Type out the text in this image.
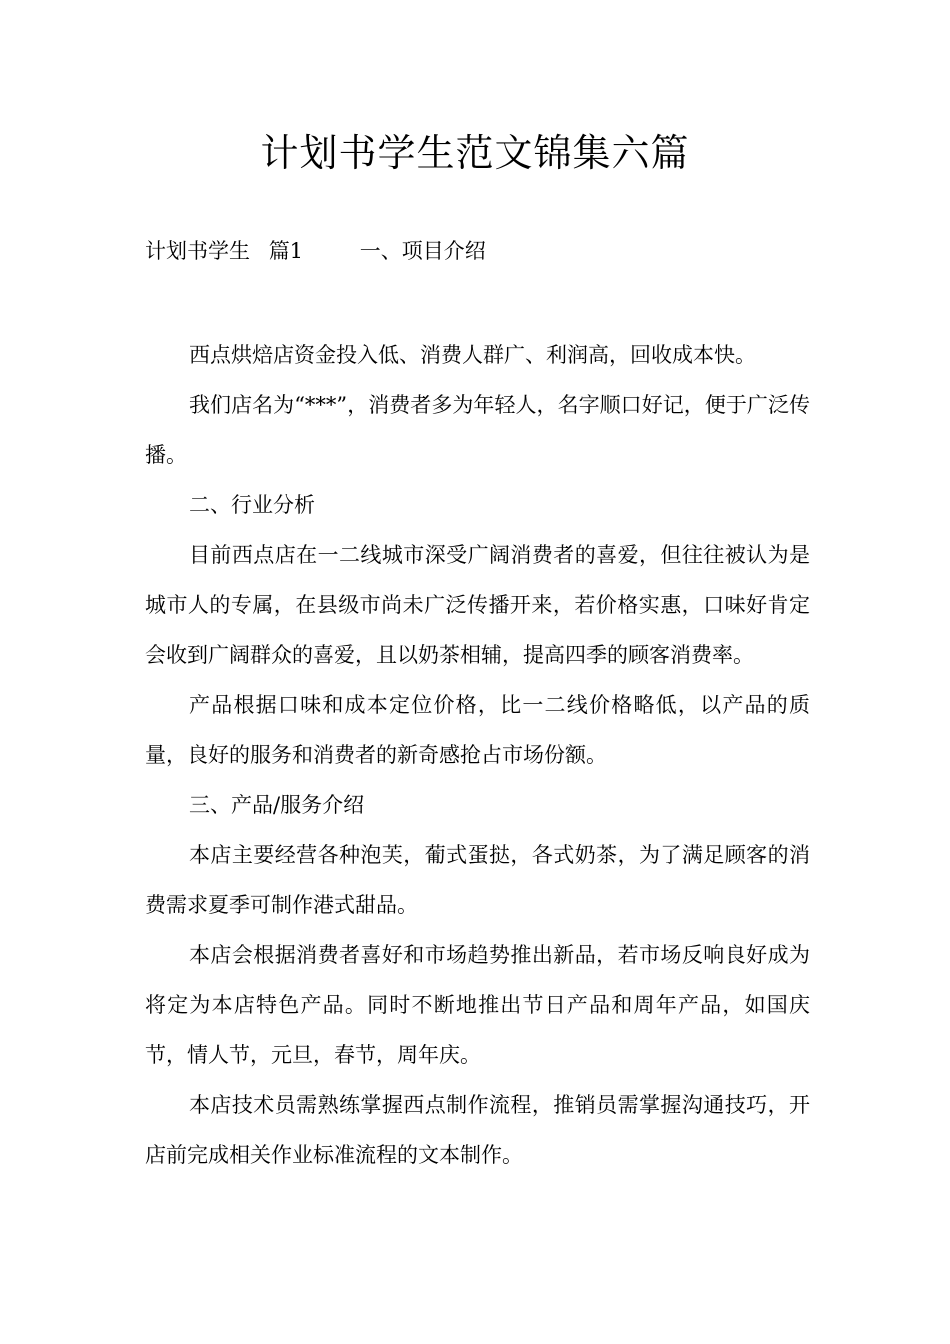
计划书学生范文锦集六篇
计划书学生 篇1	一、项目介绍

西点烘焙店资金投入低、消费人群广、利润高，回收成本快。

我们店名为“***”，消费者多为年轻人，名字顺口好记，便于广泛传播。

二、行业分析

目前西点店在一二线城市深受广阔消费者的喜爱，但往往被认为是城市人的专属，在县级市尚未广泛传播开来，若价格实惠，口味好肯定会收到广阔群众的喜爱，且以奶茶相辅，提高四季的顾客消费率。

产品根据口味和成本定位价格，比一二线价格略低，以产品的质量，良好的服务和消费者的新奇感抢占市场份额。

三、产品/服务介绍

本店主要经营各种泡芙，葡式蛋挞，各式奶茶，为了满足顾客的消费需求夏季可制作港式甜品。

本店会根据消费者喜好和市场趋势推出新品，若市场反响良好成为将定为本店特色产品。同时不断地推出节日产品和周年产品，如国庆节，情人节，元旦，春节，周年庆。

本店技术员需熟练掌握西点制作流程，推销员需掌握沟通技巧，开店前完成相关作业标准流程的文本制作。
